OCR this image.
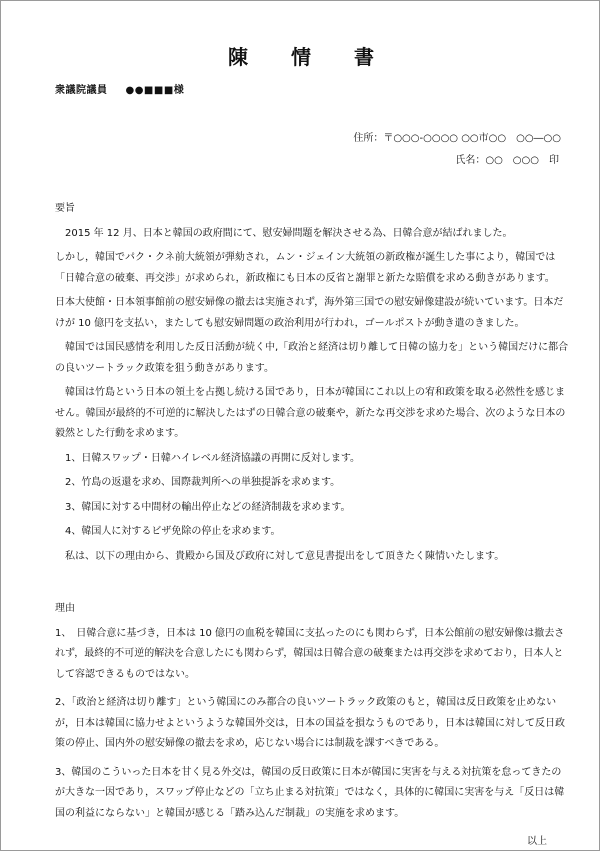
陳 情 書
衆議院議員 ●●■■■様
住所：〒○○○-○○○○ ○○市○○　○○―○○
氏名：○○　○○○　印
要旨

2015 年 12 月、日本と韓国の政府間にて、慰安婦問題を解決させる為、日韓合意が結ばれました。

しかし，韓国でパク・クネ前大統領が弾劾され，ムン・ジェイン大統領の新政権が誕生した事により，韓国では「日韓合意の破棄、再交渉」が求められ，新政権にも日本の反省と謝罪と新たな賠償を求める動きがあります。

日本大使館・日本領事館前の慰安婦像の撤去は実施されず，海外第三国での慰安婦像建設が続いています。日本だけが 10 億円を支払い，またしても慰安婦問題の政治利用が行われ，ゴールポストが動き遣のきました。

韓国では国民感情を利用した反日活動が続く中,「政治と経済は切り離して日韓の協力を」という韓国だけに都合の良いツートラック政策を狙う動きがあります。

韓国は竹島という日本の領土を占拠し続ける国であり，日本が韓国にこれ以上の宥和政策を取る必然性を感じません。韓国が最終的不可逆的に解決したはずの日韓合意の破棄や，新たな再交渉を求めた場合、次のような日本の毅然とした行動を求めます。

1、日韓スワップ・日韓ハイレベル経済協議の再開に反対します。

2、竹島の返還を求め、国際裁判所への単独提訴を求めます。

3、韓国に対する中間材の輸出停止などの経済制裁を求めます。

4、韓国人に対するビザ免除の停止を求めます。

私は、以下の理由から、貴殿から国及び政府に対して意見書提出をして頂きたく陳情いたします。

理由

1、　日韓合意に基づき，日本は 10 億円の血税を韓国に支払ったのにも関わらず，日本公館前の慰安婦像は撤去されず，最終的不可逆的解決を合意したにも関わらず，韓国は日韓合意の破棄または再交渉を求めており，日本人として容認できるものではない。

2、「政治と経済は切り離す」という韓国にのみ都合の良いツートラック政策のもと，韓国は反日政策を止めないが，日本は韓国に協力せよというような韓国外交は，日本の国益を損なうものであり，日本は韓国に対して反日政策の停止、国内外の慰安婦像の撤去を求め，応じない場合には制裁を課すべきである。

3、韓国のこういった日本を甘く見る外交は，韓国の反日政策に日本が韓国に実害を与える対抗策を怠ってきたのが大きな一因であり，スワップ停止などの「立ち止まる対抗策」ではなく，具体的に韓国に実害を与え「反日は韓国の利益にならない」と韓国が感じる「踏み込んだ制裁」の実施を求めます。

以上
